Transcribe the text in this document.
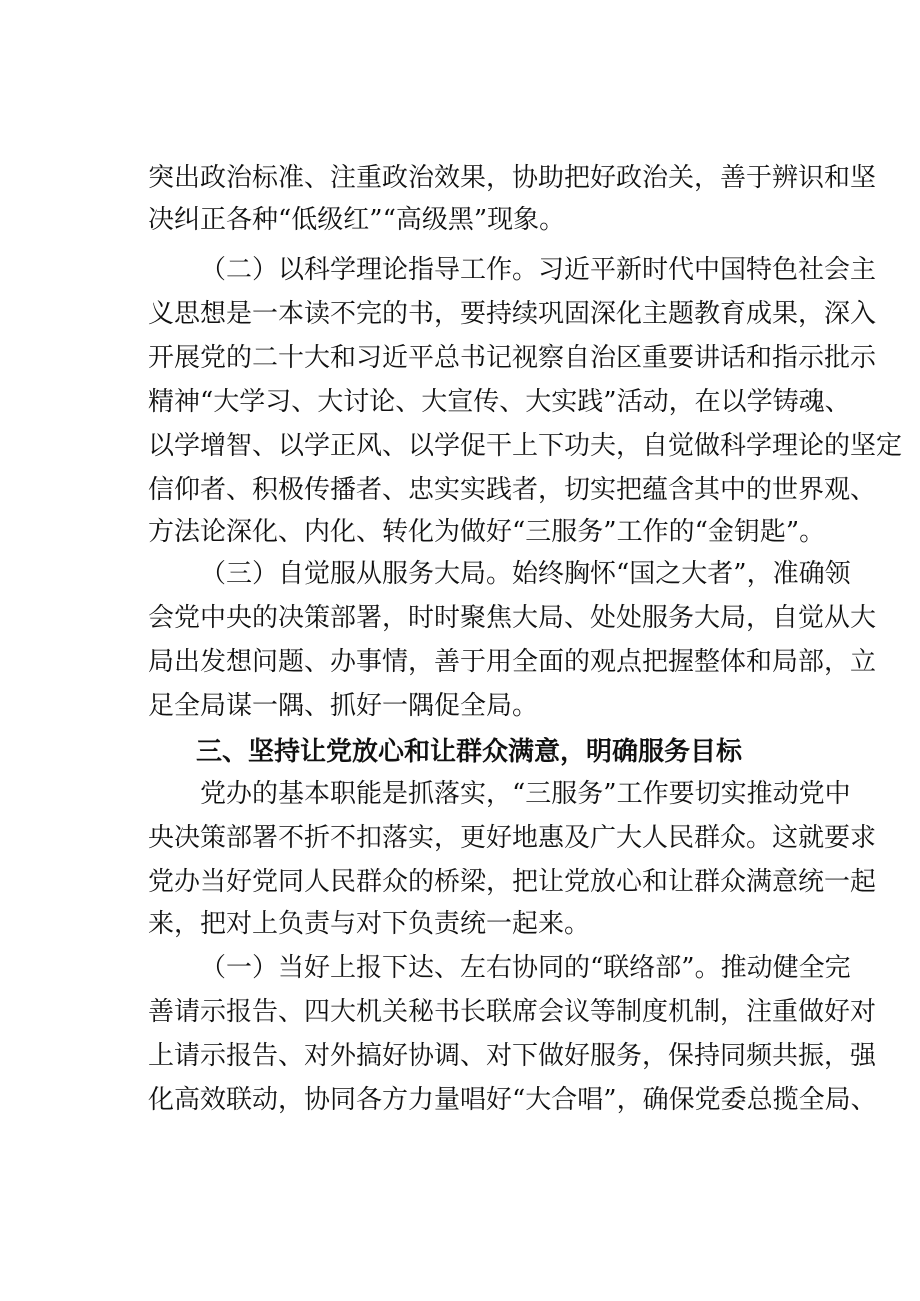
突出政治标准、注重政治效果，协助把好政治关，善于辨识和坚
决纠正各种“低级红”“高级黑”现象。
（二）以科学理论指导工作。习近平新时代中国特色社会主
义思想是一本读不完的书，要持续巩固深化主题教育成果，深入
开展党的二十大和习近平总书记视察自治区重要讲话和指示批示
精神“大学习、大讨论、大宣传、大实践”活动，在以学铸魂、
以学增智、以学正风、以学促干上下功夫，自觉做科学理论的坚定
信仰者、积极传播者、忠实实践者，切实把蕴含其中的世界观、
方法论深化、内化、转化为做好“三服务”工作的“金钥匙”。
（三）自觉服从服务大局。始终胸怀“国之大者”，准确领
会党中央的决策部署，时时聚焦大局、处处服务大局，自觉从大
局出发想问题、办事情，善于用全面的观点把握整体和局部，立
足全局谋一隅、抓好一隅促全局。
三、坚持让党放心和让群众满意，明确服务目标
党办的基本职能是抓落实，“三服务”工作要切实推动党中
央决策部署不折不扣落实，更好地惠及广大人民群众。这就要求
党办当好党同人民群众的桥梁，把让党放心和让群众满意统一起
来，把对上负责与对下负责统一起来。
（一）当好上报下达、左右协同的“联络部”。推动健全完
善请示报告、四大机关秘书长联席会议等制度机制，注重做好对
上请示报告、对外搞好协调、对下做好服务，保持同频共振，强
化高效联动，协同各方力量唱好“大合唱”，确保党委总揽全局、
